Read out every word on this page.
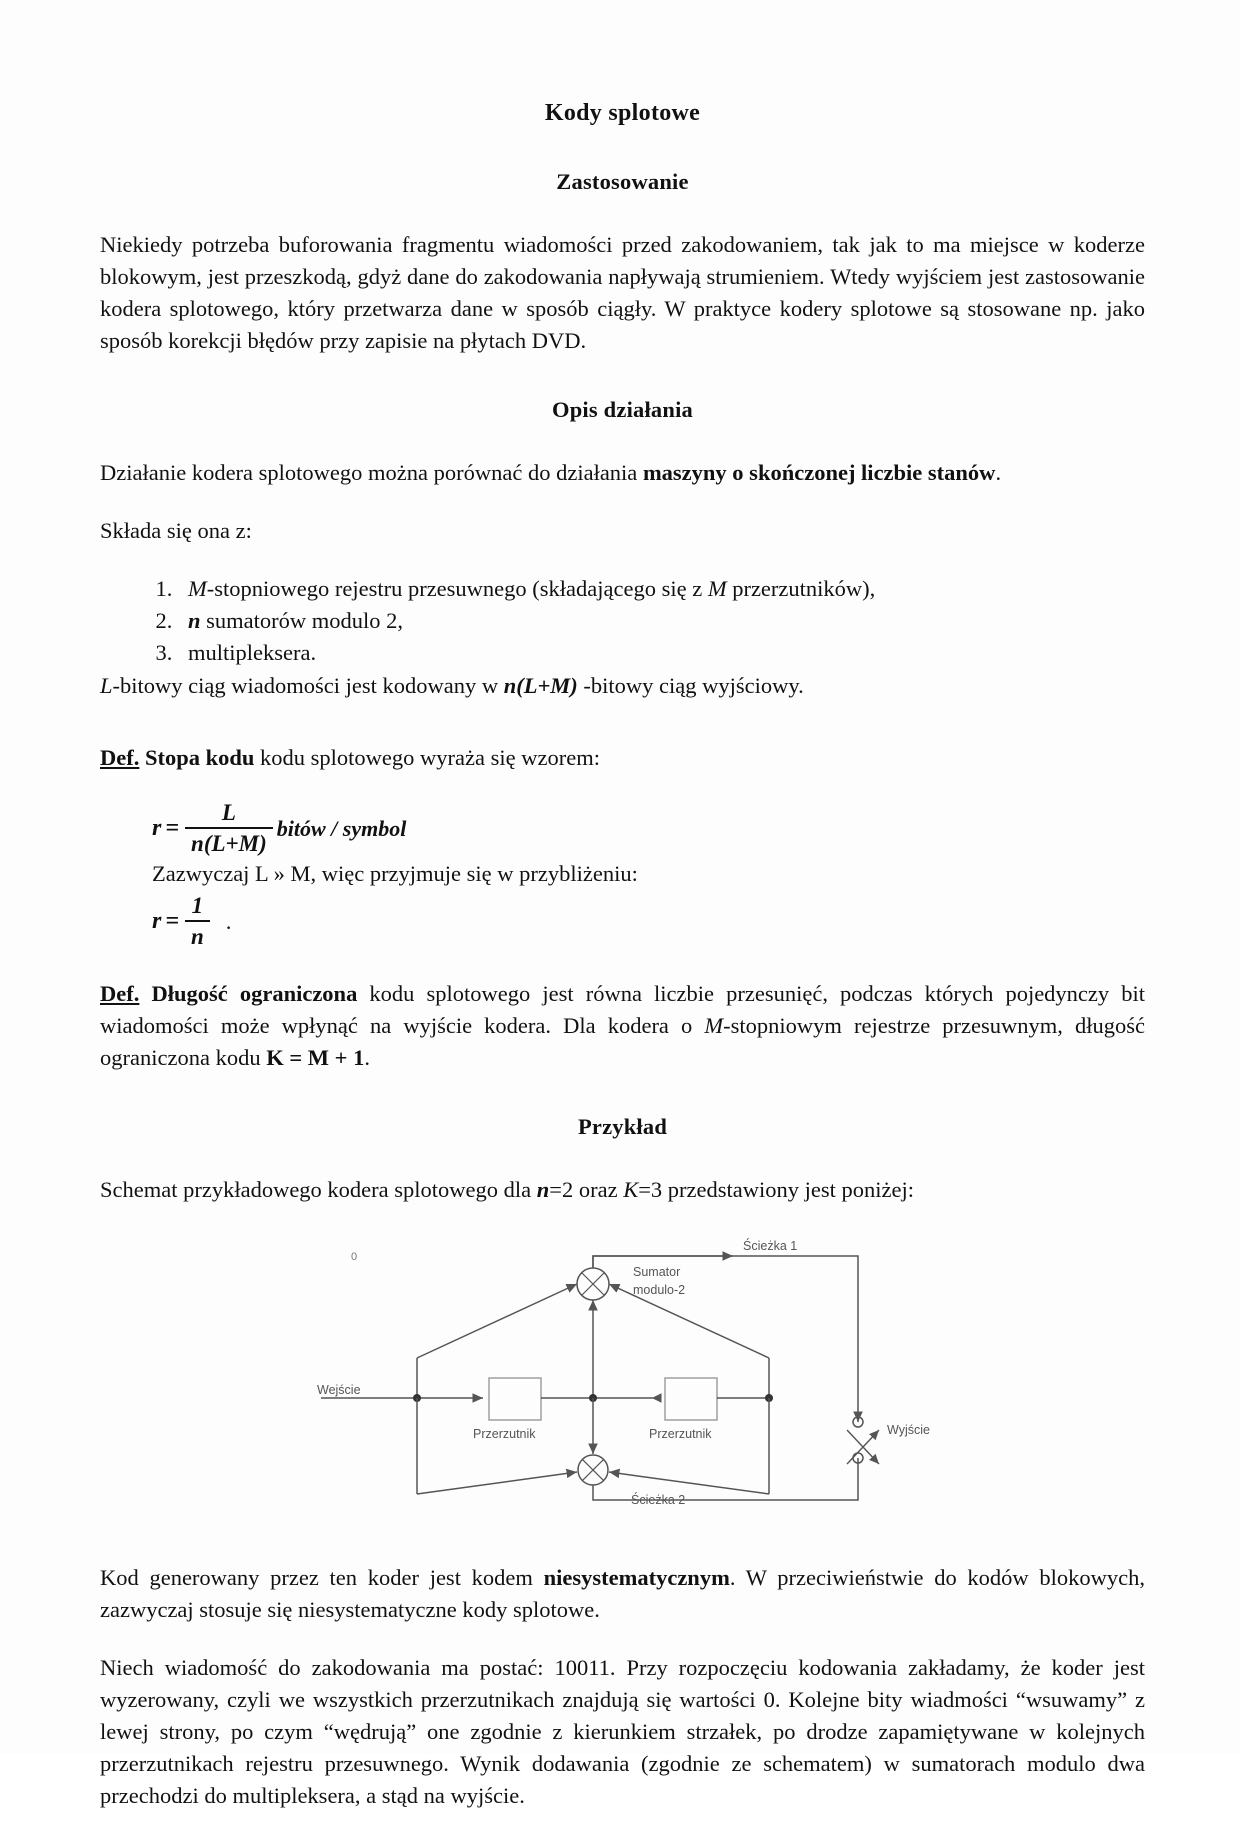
Kody splotowe
Zastosowanie

Niekiedy potrzeba buforowania fragmentu wiadomości przed zakodowaniem, tak jak to ma miejsce w koderze blokowym, jest przeszkodą, gdyż dane do zakodowania napływają strumieniem. Wtedy wyjściem jest zastosowanie kodera splotowego, który przetwarza dane w sposób ciągły. W praktyce kodery splotowe są stosowane np. jako sposób korekcji błędów przy zapisie na płytach DVD.

Opis działania

Działanie kodera splotowego można porównać do działania maszyny o skończonej liczbie stanów.

Składa się ona z:

1. M-stopniowego rejestru przesuwnego (składającego się z M przerzutników),
2. n sumatorów modulo 2,
3. multipleksera.

L-bitowy ciąg wiadomości jest kodowany w n(L+M) -bitowy ciąg wyjściowy.

Def. Stopa kodu kodu splotowego wyraża się wzorem:

$r = \frac{L}{n(L+M)}$ bitów / symbol
Zazwyczaj L » M, więc przyjmuje się w przybliżeniu:
$r = \frac{1}{n}$ .

Def. Długość ograniczona kodu splotowego jest równa liczbie przesunięć, podczas których pojedynczy bit wiadomości może wpłynąć na wyjście kodera. Dla kodera o M-stopniowym rejestrze przesuwnym, długość ograniczona kodu K = M + 1.

Przykład

Schemat przykładowego kodera splotowego dla n=2 oraz K=3 przedstawiony jest poniżej:

0
Ścieżka 1
Sumator
modulo-2
Wejście
Przerzutnik	Przerzutnik
Ścieżka 2
Wyjście

Kod generowany przez ten koder jest kodem niesystematycznym. W przeciwieństwie do kodów blokowych, zazwyczaj stosuje się niesystematyczne kody splotowe.

Niech wiadomość do zakodowania ma postać: 10011. Przy rozpoczęciu kodowania zakładamy, że koder jest wyzerowany, czyli we wszystkich przerzutnikach znajdują się wartości 0. Kolejne bity wiadmości “wsuwamy” z lewej strony, po czym “wędrują” one zgodnie z kierunkiem strzałek, po drodze zapamiętywane w kolejnych przerzutnikach rejestru przesuwnego. Wynik dodawania (zgodnie ze schematem) w sumatorach modulo dwa przechodzi do multipleksera, a stąd na wyjście.
